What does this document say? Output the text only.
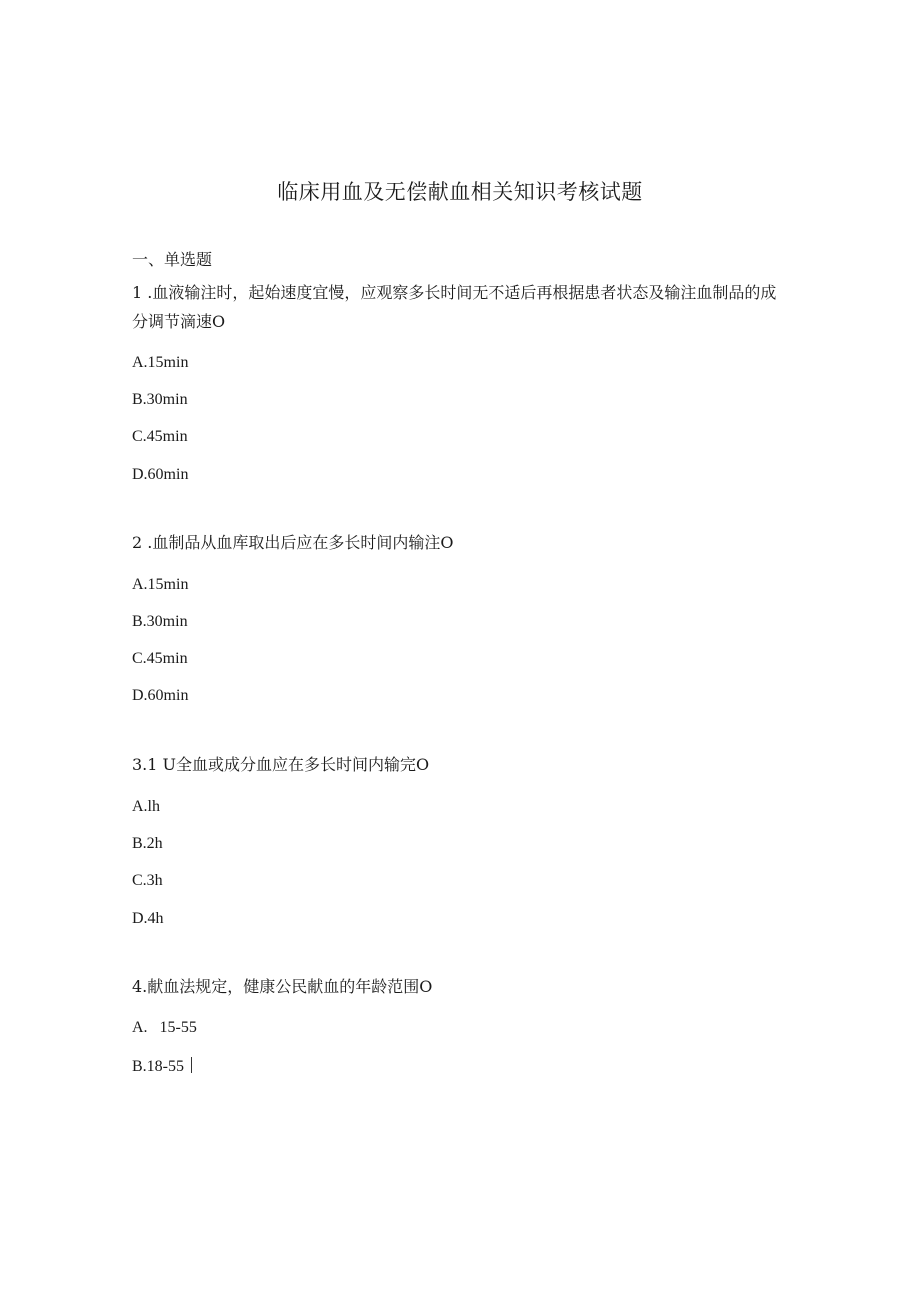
临床用血及无偿献血相关知识考核试题
一、单选题
1 .血液输注时，起始速度宜慢，应观察多长时间无不适后再根据患者状态及输注血制品的成分调节滴速O
A.15min
B.30min
C.45min
D.60min
2 .血制品从血库取出后应在多长时间内输注O
A.15min
B.30min
C.45min
D.60min
3.1 U全血或成分血应在多长时间内输完O
A.lh
B.2h
C.3h
D.4h
4.献血法规定，健康公民献血的年龄范围O
A.   15-55
B.18-55
